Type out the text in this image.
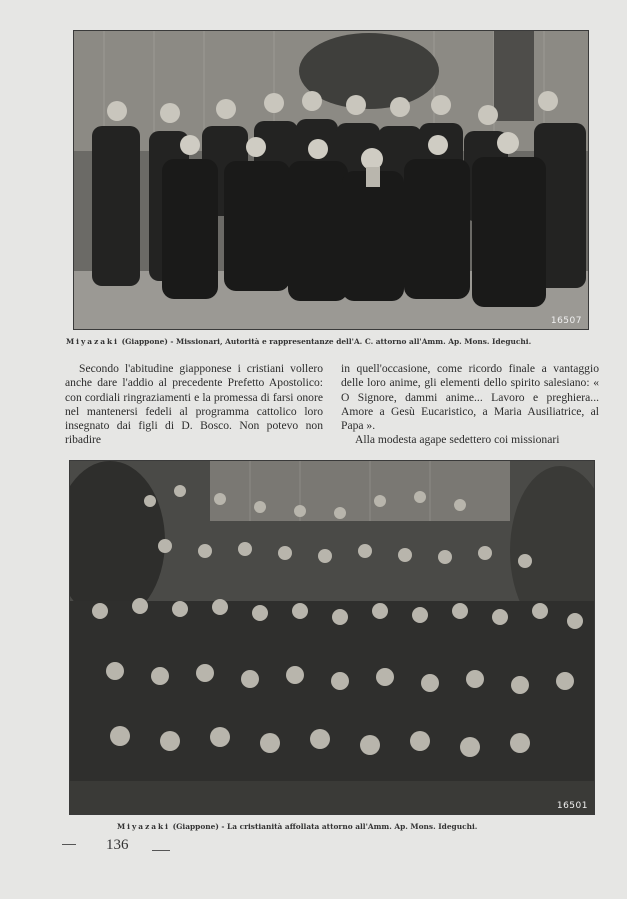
16507
Miyazaki (Giappone) - Missionari, Autorità e rappresentanze dell'A. C. attorno all'Amm. Ap. Mons. Ideguchi.

Secondo l'abitudine giapponese i cristiani vollero anche dare l'addio al precedente Prefetto Apostolico: con cordiali ringraziamenti e la promessa di farsi onore nel mantenersi fedeli al programma cattolico loro insegnato dai figli di D. Bosco. Non potevo non ribadire

in quell'occasione, come ricordo finale a vantaggio delle loro anime, gli elementi dello spirito salesiano: « O Signore, dammi anime... Lavoro e preghiera... Amore a Gesù Eucaristico, a Maria Ausiliatrice, al Papa ».

Alla modesta agape sedettero coi missionari

16501
Miyazaki (Giappone) - La cristianità affollata attorno all'Amm. Ap. Mons. Ideguchi.
136
